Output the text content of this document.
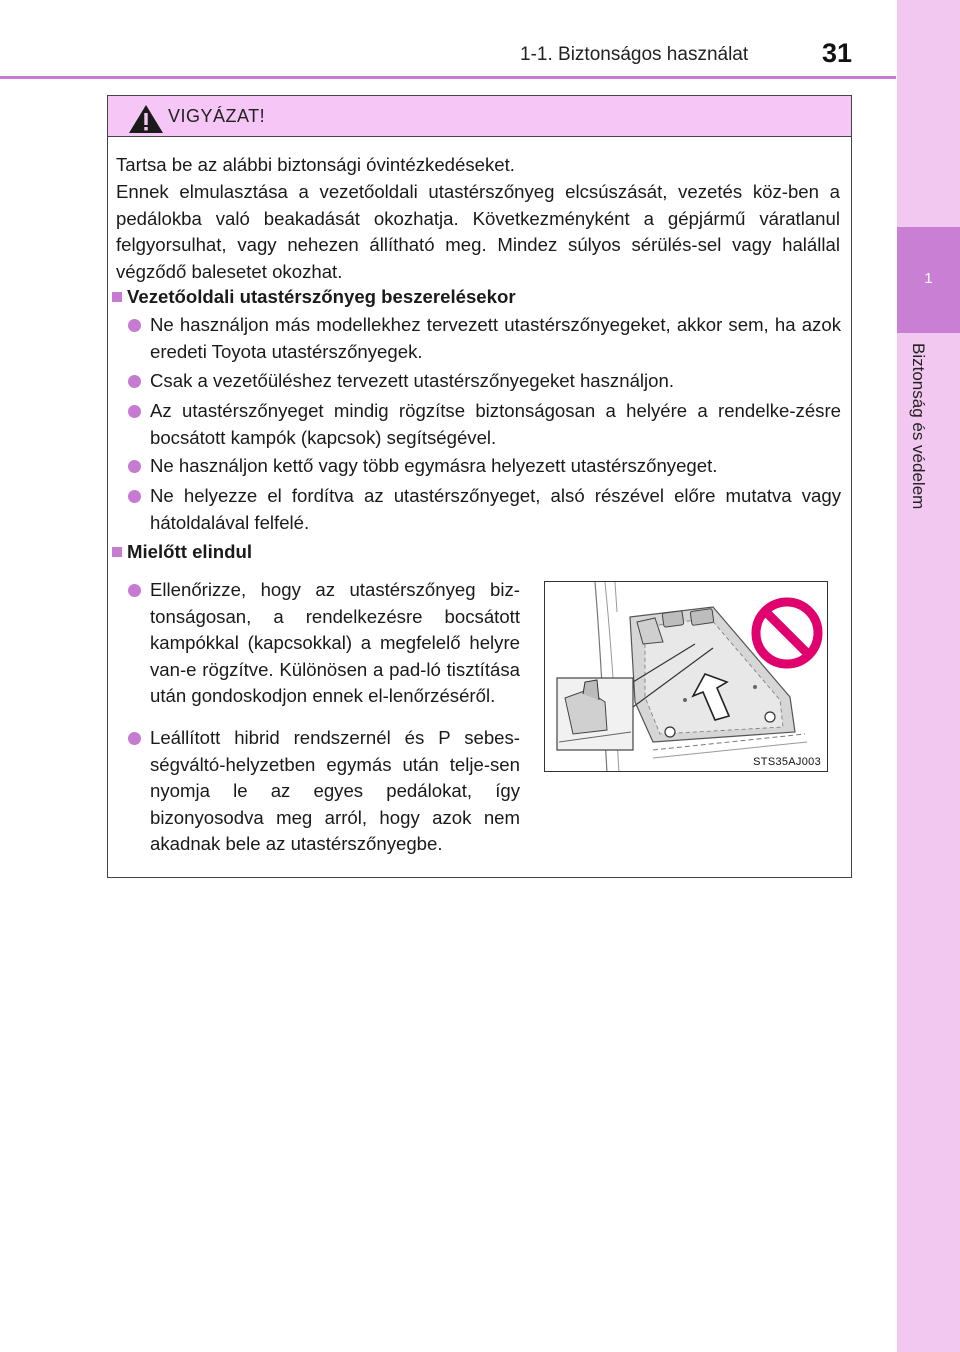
1-1. Biztonságos használat	31
1
Biztonság és védelem
VIGYÁZAT!
Tartsa be az alábbi biztonsági óvintézkedéseket.
Ennek elmulasztása a vezetőoldali utastérszőnyeg elcsúszását, vezetés köz-ben a pedálokba való beakadását okozhatja. Következményként a gépjármű váratlanul felgyorsulhat, vagy nehezen állítható meg. Mindez súlyos sérülés-sel vagy halállal végződő balesetet okozhat.
Vezetőoldali utastérszőnyeg beszerelésekor
Ne használjon más modellekhez tervezett utastérszőnyegeket, akkor sem, ha azok eredeti Toyota utastérszőnyegek.
Csak a vezetőüléshez tervezett utastérszőnyegeket használjon.
Az utastérszőnyeget mindig rögzítse biztonságosan a helyére a rendelke-zésre bocsátott kampók (kapcsok) segítségével.
Ne használjon kettő vagy több egymásra helyezett utastérszőnyeget.
Ne helyezze el fordítva az utastérszőnyeget, alsó részével előre mutatva vagy hátoldalával felfelé.
Mielőtt elindul
Ellenőrizze, hogy az utastérszőnyeg biz-tonságosan, a rendelkezésre bocsátott kampókkal (kapcsokkal) a megfelelő helyre van-e rögzítve. Különösen a pad-ló tisztítása után gondoskodjon ennek el-lenőrzéséről.
Leállított hibrid rendszernél és P sebes-ségváltó-helyzetben egymás után telje-sen nyomja le az egyes pedálokat, így bizonyosodva meg arról, hogy azok nem akadnak bele az utastérszőnyegbe.
STS35AJ003
